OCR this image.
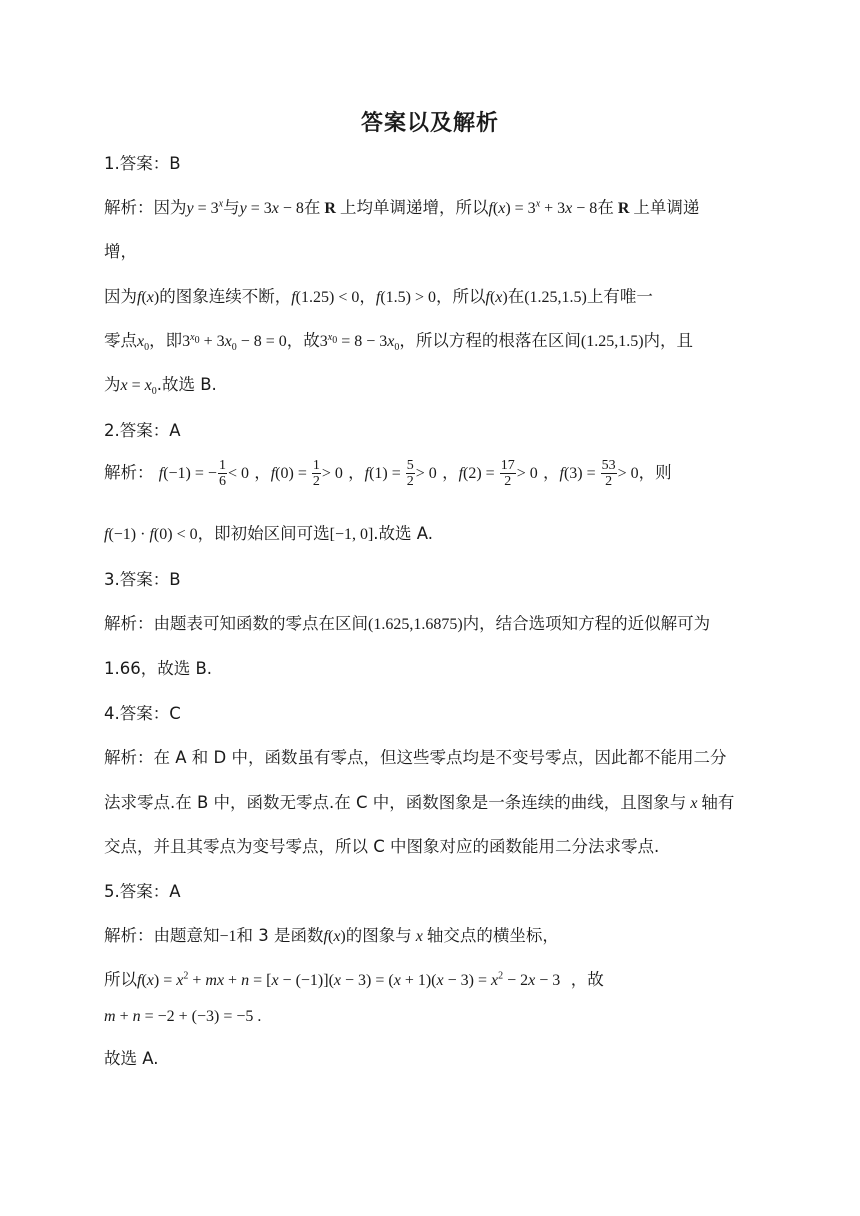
答案以及解析
1.答案：B
解析：因为$y = 3^x$与y = 3x − 8在 R 上均单调递增，所以$f(x) = 3^x + 3x - 8$在 R 上单调递
增，
因为f(x)的图象连续不断，f(1.25) < 0，f(1.5) > 0，所以f(x)在(1.25,1.5)上有唯一
零点$x_0$，即$3^{x_0} + 3x_0 - 8 = 0$，故$3^{x_0} = 8 - 3x_0$，所以方程的根落在区间(1.25,1.5)内，且
为$x = x_0$.故选 B.
2.答案：A
解析： f(−1) = − $\frac{1}{6} < 0$ ，$f(0) = \frac{1}{2} > 0$ ，$f(1) = \frac{5}{2} > 0$ ，$f(2) = \frac{17}{2} > 0$ ，$f(3) = \frac{53}{2} > 0$，则
f(−1) · f(0) < 0，即初始区间可选[−1, 0].故选 A.
3.答案：B
解析：由题表可知函数的零点在区间(1.625,1.6875)内，结合选项知方程的近似解可为
1.66，故选 B.
4.答案：C
解析：在 A 和 D 中，函数虽有零点，但这些零点均是不变号零点，因此都不能用二分
法求零点.在 B 中，函数无零点.在 C 中，函数图象是一条连续的曲线，且图象与 x 轴有
交点，并且其零点为变号零点，所以 C 中图象对应的函数能用二分法求零点.
5.答案：A
解析：由题意知−1和 3 是函数f(x)的图象与 x 轴交点的横坐标，
所以$f(x) = x^2$ + mx + $n = [x - (-1)](x - 3) = (x + 1)(x - 3) = x^2 - 2x - 3$ ，故
m + n = −2 + (−3) = −5 .
故选 A.
